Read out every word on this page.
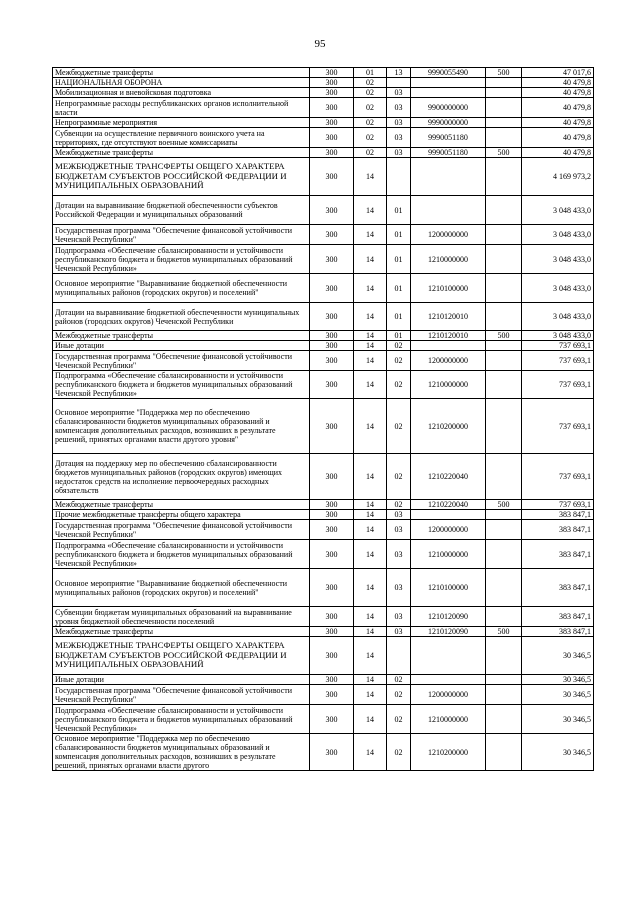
95
Межбюджетные трансферты	300	01	13	9990055490	500	47 017,6
НАЦИОНАЛЬНАЯ ОБОРОНА	300	02				40 479,8
Мобилизационная и вневойсковая подготовка	300	02	03			40 479,8
Непрограммные расходы республиканских органов исполнительной власти	300	02	03	9900000000		40 479,8
Непрограммные мероприятия	300	02	03	9990000000		40 479,8
Субвенции на осуществление первичного воинского учета на территориях, где отсутствуют военные комиссариаты	300	02	03	9990051180		40 479,8
Межбюджетные трансферты	300	02	03	9990051180	500	40 479,8
МЕЖБЮДЖЕТНЫЕ ТРАНСФЕРТЫ ОБЩЕГО ХАРАКТЕРА БЮДЖЕТАМ СУБЪЕКТОВ РОССИЙСКОЙ ФЕДЕРАЦИИ И МУНИЦИПАЛЬНЫХ ОБРАЗОВАНИЙ	300	14				4 169 973,2
Дотации на выравнивание бюджетной обеспеченности субъектов Российской Федерации и муниципальных образований	300	14	01			3 048 433,0
Государственная программа "Обеспечение финансовой устойчивости Чеченской Республики"	300	14	01	1200000000		3 048 433,0
Подпрограмма «Обеспечение сбалансированности и устойчивости республиканского бюджета и бюджетов муниципальных образований Чеченской Республики»	300	14	01	1210000000		3 048 433,0
Основное мероприятие "Выравнивание бюджетной обеспеченности муниципальных районов (городских округов) и поселений"	300	14	01	1210100000		3 048 433,0
Дотации на выравнивание бюджетной обеспеченности муниципальных районов (городских округов) Чеченской Республики	300	14	01	1210120010		3 048 433,0
Межбюджетные трансферты	300	14	01	1210120010	500	3 048 433,0
Иные дотации	300	14	02			737 693,1
Государственная программа "Обеспечение финансовой устойчивости Чеченской Республики"	300	14	02	1200000000		737 693,1
Подпрограмма «Обеспечение сбалансированности и устойчивости республиканского бюджета и бюджетов муниципальных образований Чеченской Республики»	300	14	02	1210000000		737 693,1
Основное мероприятие "Поддержка мер по обеспечению сбалансированности бюджетов муниципальных образований и компенсация дополнительных расходов, возникших в результате решений, принятых органами власти другого уровня"	300	14	02	1210200000		737 693,1
Дотация на поддержку мер по обеспечению сбалансированности бюджетов муниципальных районов (городских округов) имеющих недостаток средств на исполнение первоочередных расходных обязательств	300	14	02	1210220040		737 693,1
Межбюджетные трансферты	300	14	02	1210220040	500	737 693,1
Прочие межбюджетные трансферты общего характера	300	14	03			383 847,1
Государственная программа "Обеспечение финансовой устойчивости Чеченской Республики"	300	14	03	1200000000		383 847,1
Подпрограмма «Обеспечение сбалансированности и устойчивости республиканского бюджета и бюджетов муниципальных образований Чеченской Республики»	300	14	03	1210000000		383 847,1
Основное мероприятие "Выравнивание бюджетной обеспеченности муниципальных районов (городских округов) и поселений"	300	14	03	1210100000		383 847,1
Субвенции бюджетам муниципальных образований на выравнивание уровня бюджетной обеспеченности поселений	300	14	03	1210120090		383 847,1
Межбюджетные трансферты	300	14	03	1210120090	500	383 847,1
МЕЖБЮДЖЕТНЫЕ ТРАНСФЕРТЫ ОБЩЕГО ХАРАКТЕРА БЮДЖЕТАМ СУБЪЕКТОВ РОССИЙСКОЙ ФЕДЕРАЦИИ И МУНИЦИПАЛЬНЫХ ОБРАЗОВАНИЙ	300	14				30 346,5
Иные дотации	300	14	02			30 346,5
Государственная программа "Обеспечение финансовой устойчивости Чеченской Республики"	300	14	02	1200000000		30 346,5
Подпрограмма «Обеспечение сбалансированности и устойчивости республиканского бюджета и бюджетов муниципальных образований Чеченской Республики»	300	14	02	1210000000		30 346,5
Основное мероприятие "Поддержка мер по обеспечению сбалансированности бюджетов муниципальных образований и компенсация дополнительных расходов, возникших в результате решений, принятых органами власти другого	300	14	02	1210200000		30 346,5
